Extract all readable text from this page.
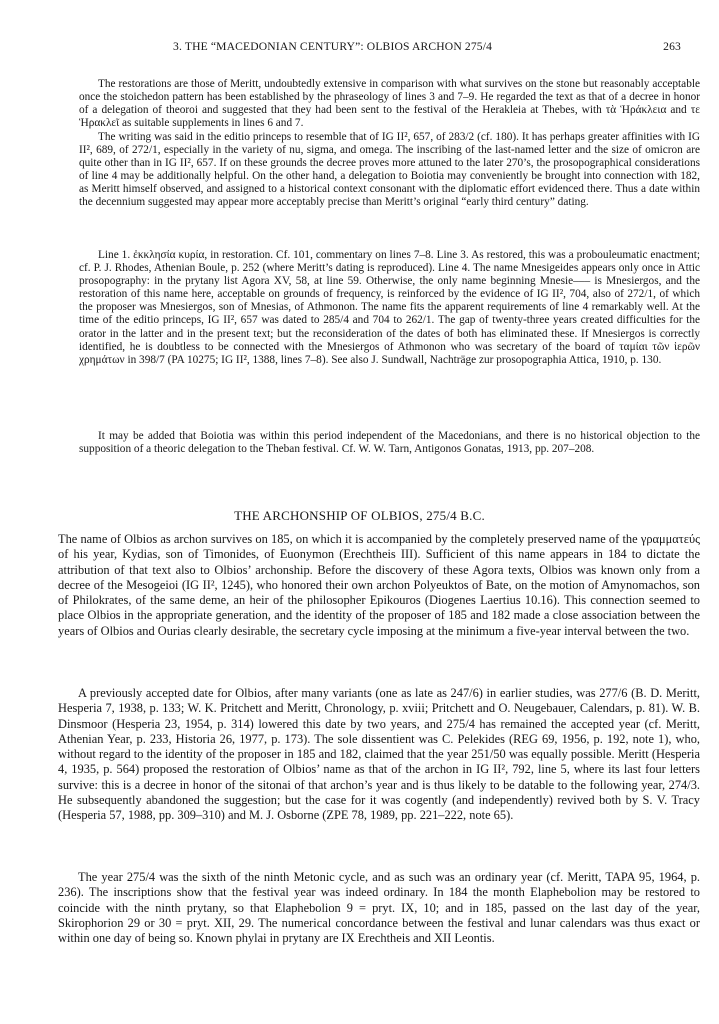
3. THE “MACEDONIAN CENTURY”: OLBIOS ARCHON 275/4	263

The restorations are those of Meritt, undoubtedly extensive in comparison with what survives on the stone but reasonably acceptable once the stoichedon pattern has been established by the phraseology of lines 3 and 7–9. He regarded the text as that of a decree in honor of a delegation of theoroi and suggested that they had been sent to the festival of the Herakleia at Thebes, with τὰ Ἡράκλεια and τε Ἡρακλεῖ as suitable supplements in lines 6 and 7.

The writing was said in the editio princeps to resemble that of IG II², 657, of 283/2 (cf. 180). It has perhaps greater affinities with IG II², 689, of 272/1, especially in the variety of nu, sigma, and omega. The inscribing of the last-named letter and the size of omicron are quite other than in IG II², 657. If on these grounds the decree proves more attuned to the later 270’s, the prosopographical considerations of line 4 may be additionally helpful. On the other hand, a delegation to Boiotia may conveniently be brought into connection with 182, as Meritt himself observed, and assigned to a historical context consonant with the diplomatic effort evidenced there. Thus a date within the decennium suggested may appear more acceptably precise than Meritt’s original “early third century” dating.

Line 1. ἐκκλησία κυρία, in restoration. Cf. 101, commentary on lines 7–8. Line 3. As restored, this was a probouleumatic enactment; cf. P. J. Rhodes, Athenian Boule, p. 252 (where Meritt’s dating is reproduced). Line 4. The name Mnesigeides appears only once in Attic prosopography: in the prytany list Agora XV, 58, at line 59. Otherwise, the only name beginning Mnesie––– is Mnesiergos, and the restoration of this name here, acceptable on grounds of frequency, is reinforced by the evidence of IG II², 704, also of 272/1, of which the proposer was Mnesiergos, son of Mnesias, of Athmonon. The name fits the apparent requirements of line 4 remarkably well. At the time of the editio princeps, IG II², 657 was dated to 285/4 and 704 to 262/1. The gap of twenty-three years created difficulties for the orator in the latter and in the present text; but the reconsideration of the dates of both has eliminated these. If Mnesiergos is correctly identified, he is doubtless to be connected with the Mnesiergos of Athmonon who was secretary of the board of ταμίαι τῶν ἱερῶν χρημάτων in 398/7 (PA 10275; IG II², 1388, lines 7–8). See also J. Sundwall, Nachträge zur prosopographia Attica, 1910, p. 130.

It may be added that Boiotia was within this period independent of the Macedonians, and there is no historical objection to the supposition of a theoric delegation to the Theban festival. Cf. W. W. Tarn, Antigonos Gonatas, 1913, pp. 207–208.

THE ARCHONSHIP OF OLBIOS, 275/4 B.C.

The name of Olbios as archon survives on 185, on which it is accompanied by the completely preserved name of the γραμματεύς of his year, Kydias, son of Timonides, of Euonymon (Erechtheis III). Sufficient of this name appears in 184 to dictate the attribution of that text also to Olbios’ archonship. Before the discovery of these Agora texts, Olbios was known only from a decree of the Mesogeioi (IG II², 1245), who honored their own archon Polyeuktos of Bate, on the motion of Amynomachos, son of Philokrates, of the same deme, an heir of the philosopher Epikouros (Diogenes Laertius 10.16). This connection seemed to place Olbios in the appropriate generation, and the identity of the proposer of 185 and 182 made a close association between the years of Olbios and Ourias clearly desirable, the secretary cycle imposing at the minimum a five-year interval between the two.

A previously accepted date for Olbios, after many variants (one as late as 247/6) in earlier studies, was 277/6 (B. D. Meritt, Hesperia 7, 1938, p. 133; W. K. Pritchett and Meritt, Chronology, p. xviii; Pritchett and O. Neugebauer, Calendars, p. 81). W. B. Dinsmoor (Hesperia 23, 1954, p. 314) lowered this date by two years, and 275/4 has remained the accepted year (cf. Meritt, Athenian Year, p. 233, Historia 26, 1977, p. 173). The sole dissentient was C. Pelekides (REG 69, 1956, p. 192, note 1), who, without regard to the identity of the proposer in 185 and 182, claimed that the year 251/50 was equally possible. Meritt (Hesperia 4, 1935, p. 564) proposed the restoration of Olbios’ name as that of the archon in IG II², 792, line 5, where its last four letters survive: this is a decree in honor of the sitonai of that archon’s year and is thus likely to be datable to the following year, 274/3. He subsequently abandoned the suggestion; but the case for it was cogently (and independently) revived both by S. V. Tracy (Hesperia 57, 1988, pp. 309–310) and M. J. Osborne (ZPE 78, 1989, pp. 221–222, note 65).

The year 275/4 was the sixth of the ninth Metonic cycle, and as such was an ordinary year (cf. Meritt, TAPA 95, 1964, p. 236). The inscriptions show that the festival year was indeed ordinary. In 184 the month Elaphebolion may be restored to coincide with the ninth prytany, so that Elaphebolion 9 = pryt. IX, 10; and in 185, passed on the last day of the year, Skirophorion 29 or 30 = pryt. XII, 29. The numerical concordance between the festival and lunar calendars was thus exact or within one day of being so. Known phylai in prytany are IX Erechtheis and XII Leontis.
